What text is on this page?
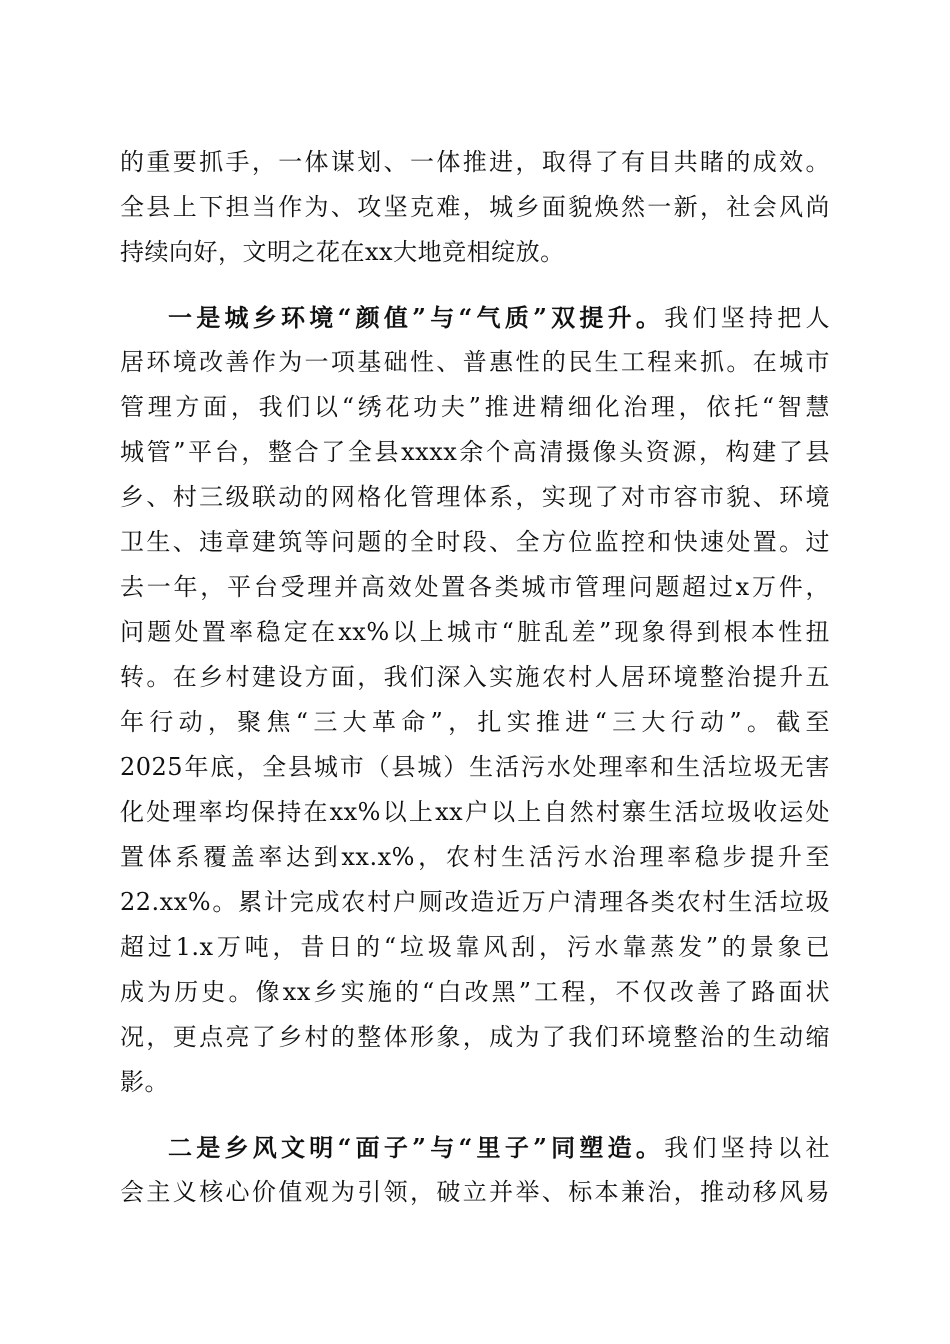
的重要抓手，一体谋划、一体推进，取得了有目共睹的成效。
全县上下担当作为、攻坚克难，城乡面貌焕然一新，社会风尚
持续向好，文明之花在xx大地竞相绽放。
一是城乡环境“颜值”与“气质”双提升。我们坚持把人
居环境改善作为一项基础性、普惠性的民生工程来抓。在城市
管理方面，我们以“绣花功夫”推进精细化治理，依托“智慧
城管”平台，整合了全县xxxx余个高清摄像头资源，构建了县
乡、村三级联动的网格化管理体系，实现了对市容市貌、环境
卫生、违章建筑等问题的全时段、全方位监控和快速处置。过
去一年，平台受理并高效处置各类城市管理问题超过x万件，
问题处置率稳定在xx%以上城市“脏乱差”现象得到根本性扭
转。在乡村建设方面，我们深入实施农村人居环境整治提升五
年行动，聚焦“三大革命”，扎实推进“三大行动”。截至
2025年底，全县城市（县城）生活污水处理率和生活垃圾无害
化处理率均保持在xx%以上xx户以上自然村寨生活垃圾收运处
置体系覆盖率达到xx.x%，农村生活污水治理率稳步提升至
22.xx%。累计完成农村户厕改造近万户清理各类农村生活垃圾
超过1.x万吨，昔日的“垃圾靠风刮，污水靠蒸发”的景象已
成为历史。像xx乡实施的“白改黑”工程，不仅改善了路面状
况，更点亮了乡村的整体形象，成为了我们环境整治的生动缩
影。
二是乡风文明“面子”与“里子”同塑造。我们坚持以社
会主义核心价值观为引领，破立并举、标本兼治，推动移风易
